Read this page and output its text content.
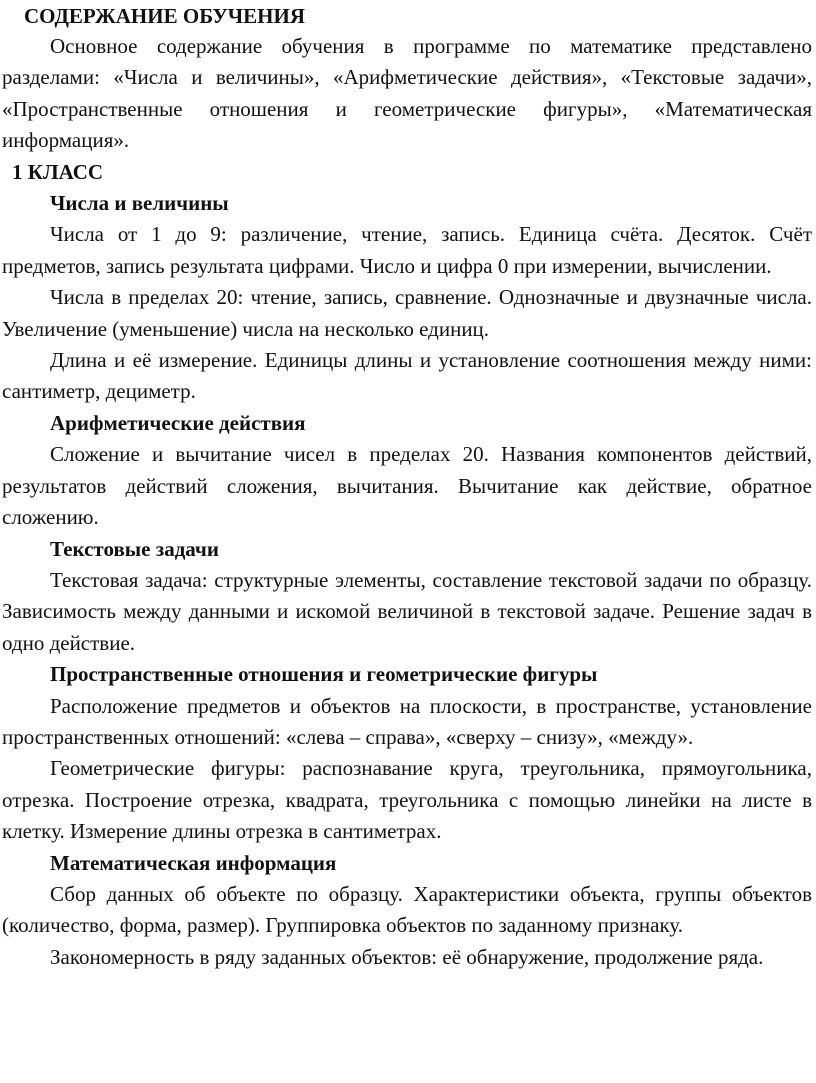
СОДЕРЖАНИЕ ОБУЧЕНИЯ

Основное содержание обучения в программе по математике представлено разделами: «Числа и величины», «Арифметические действия», «Текстовые задачи», «Пространственные отношения и геометрические фигуры», «Математическая информация».

1 КЛАСС
Числа и величины

Числа от 1 до 9: различение, чтение, запись. Единица счёта. Десяток. Счёт предметов, запись результата цифрами. Число и цифра 0 при измерении, вычислении.

Числа в пределах 20: чтение, запись, сравнение. Однозначные и двузначные числа. Увеличение (уменьшение) числа на несколько единиц.

Длина и её измерение. Единицы длины и установление соотношения между ними: сантиметр, дециметр.

Арифметические действия

Сложение и вычитание чисел в пределах 20. Названия компонентов действий, результатов действий сложения, вычитания. Вычитание как действие, обратное сложению.

Текстовые задачи

Текстовая задача: структурные элементы, составление текстовой задачи по образцу. Зависимость между данными и искомой величиной в текстовой задаче. Решение задач в одно действие.

Пространственные отношения и геометрические фигуры

Расположение предметов и объектов на плоскости, в пространстве, установление пространственных отношений: «слева – справа», «сверху – снизу», «между».

Геометрические фигуры: распознавание круга, треугольника, прямоугольника, отрезка. Построение отрезка, квадрата, треугольника с помощью линейки на листе в клетку. Измерение длины отрезка в сантиметрах.

Математическая информация

Сбор данных об объекте по образцу. Характеристики объекта, группы объектов (количество, форма, размер). Группировка объектов по заданному признаку.

Закономерность в ряду заданных объектов: её обнаружение, продолжение ряда.
